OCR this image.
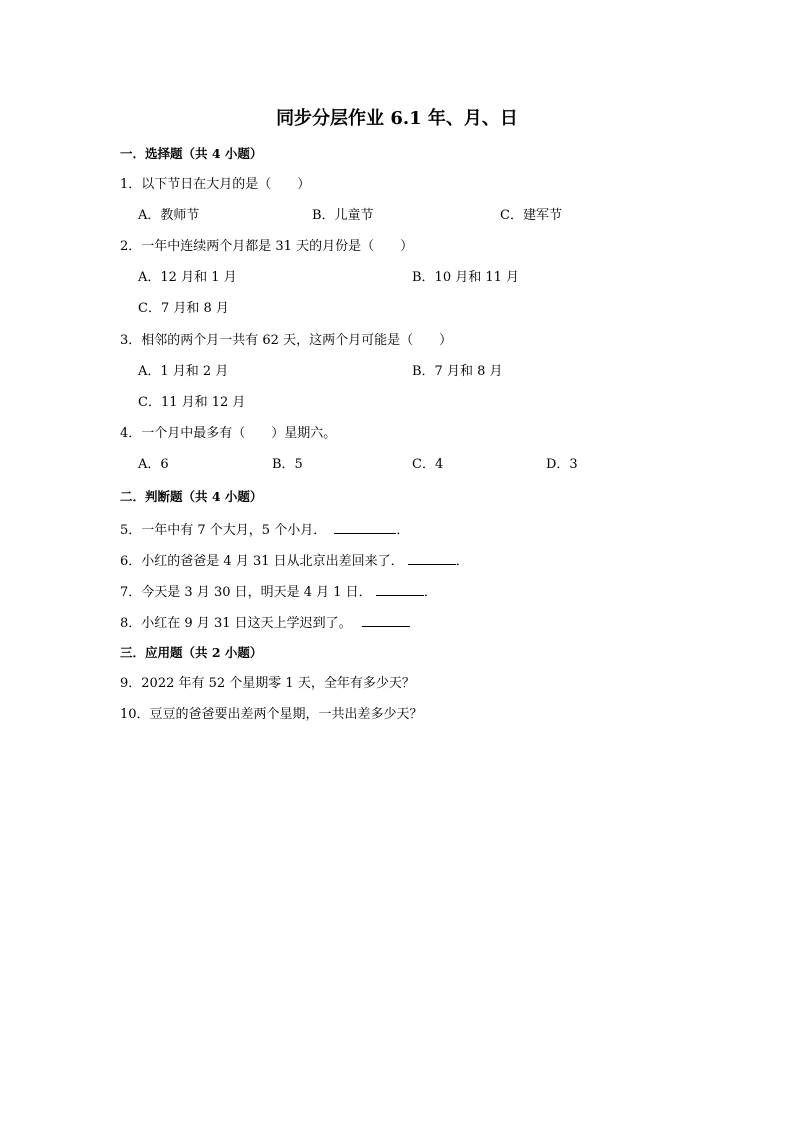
同步分层作业 6.1 年、月、日
一．选择题（共 4 小题）
1．以下节日在大月的是（　　）
A．教师节	B．儿童节	C．建军节
2．一年中连续两个月都是 31 天的月份是（　　）
A．12 月和 1 月	B．10 月和 11 月
C．7 月和 8 月
3．相邻的两个月一共有 62 天，这两个月可能是（　　）
A．1 月和 2 月	B．7 月和 8 月
C．11 月和 12 月
4．一个月中最多有（　　）星期六。
A．6	B．5	C．4	D．3
二．判断题（共 4 小题）
5．一年中有 7 个大月，5 个小月．	．
6．小红的爸爸是 4 月 31 日从北京出差回来了．	．
7．今天是 3 月 30 日，明天是 4 月 1 日．	．
8．小红在 9 月 31 日这天上学迟到了。
三．应用题（共 2 小题）
9．2022 年有 52 个星期零 1 天，全年有多少天？
10．豆豆的爸爸要出差两个星期，一共出差多少天？
